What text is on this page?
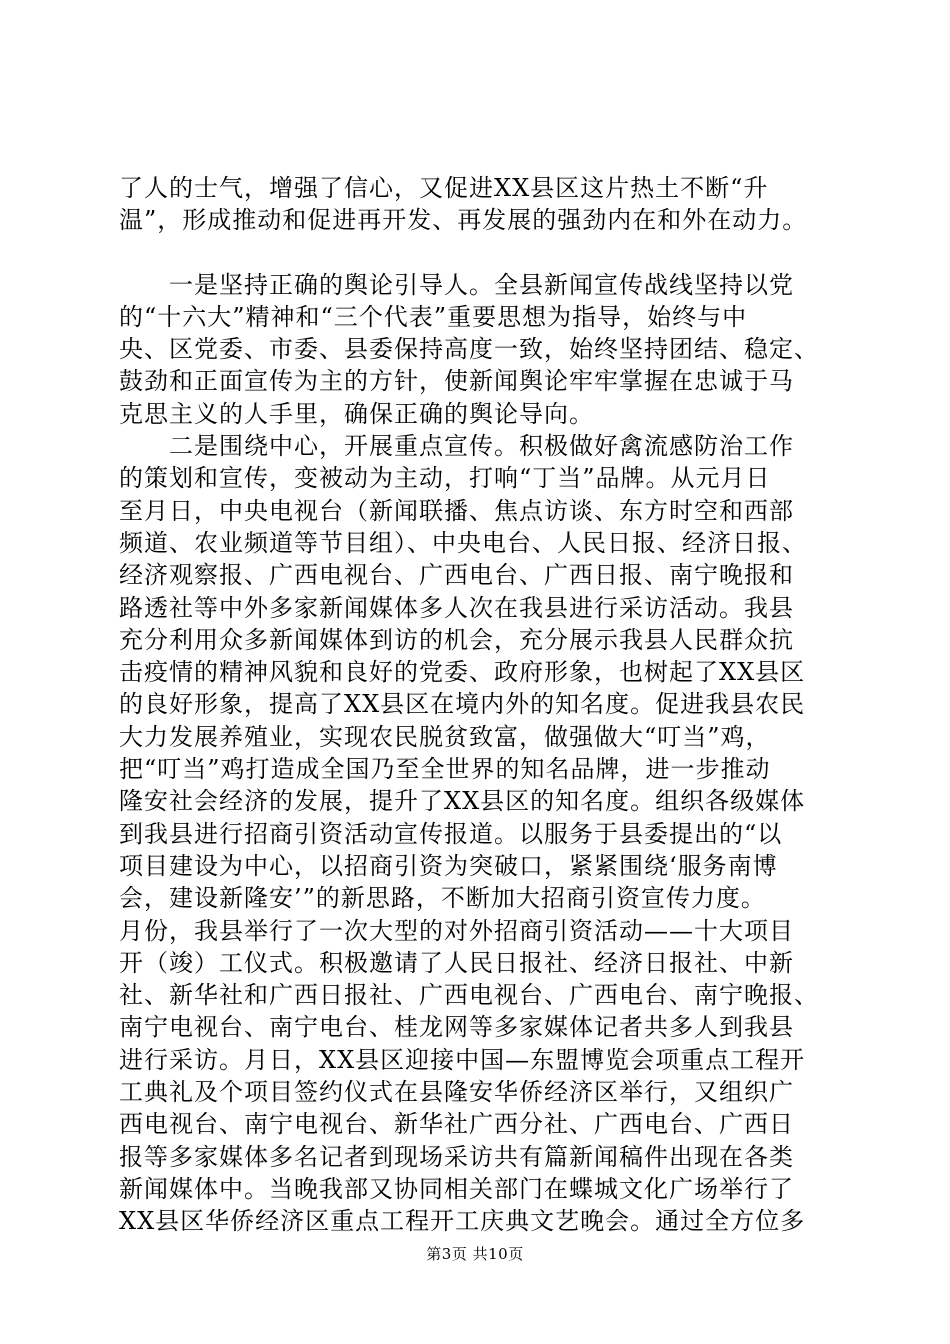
了人的士气，增强了信心，又促进XX县区这片热土不断“升
温”，形成推动和促进再开发、再发展的强劲内在和外在动力。

　　一是坚持正确的舆论引导人。全县新闻宣传战线坚持以党
的“十六大”精神和“三个代表”重要思想为指导，始终与中
央、区党委、市委、县委保持高度一致，始终坚持团结、稳定、
鼓劲和正面宣传为主的方针，使新闻舆论牢牢掌握在忠诚于马
克思主义的人手里，确保正确的舆论导向。

　　二是围绕中心，开展重点宣传。积极做好禽流感防治工作
的策划和宣传，变被动为主动，打响“丁当”品牌。从元月日
至月日，中央电视台（新闻联播、焦点访谈、东方时空和西部
频道、农业频道等节目组）、中央电台、人民日报、经济日报、
经济观察报、广西电视台、广西电台、广西日报、南宁晚报和
路透社等中外多家新闻媒体多人次在我县进行采访活动。我县
充分利用众多新闻媒体到访的机会，充分展示我县人民群众抗
击疫情的精神风貌和良好的党委、政府形象，也树起了XX县区
的良好形象，提高了XX县区在境内外的知名度。促进我县农民
大力发展养殖业，实现农民脱贫致富，做强做大“叮当”鸡，
把“叮当”鸡打造成全国乃至全世界的知名品牌，进一步推动
隆安社会经济的发展，提升了XX县区的知名度。组织各级媒体
到我县进行招商引资活动宣传报道。以服务于县委提出的“以
项目建设为中心，以招商引资为突破口，紧紧围绕‘服务南博
会，建设新隆安’”的新思路，不断加大招商引资宣传力度。
月份，我县举行了一次大型的对外招商引资活动——十大项目
开（竣）工仪式。积极邀请了人民日报社、经济日报社、中新
社、新华社和广西日报社、广西电视台、广西电台、南宁晚报、
南宁电视台、南宁电台、桂龙网等多家媒体记者共多人到我县
进行采访。月日，XX县区迎接中国—东盟博览会项重点工程开
工典礼及个项目签约仪式在县隆安华侨经济区举行，又组织广
西电视台、南宁电视台、新华社广西分社、广西电台、广西日
报等多家媒体多名记者到现场采访共有篇新闻稿件出现在各类
新闻媒体中。当晚我部又协同相关部门在蝶城文化广场举行了
XX县区华侨经济区重点工程开工庆典文艺晚会。通过全方位多

第3页 共10页
